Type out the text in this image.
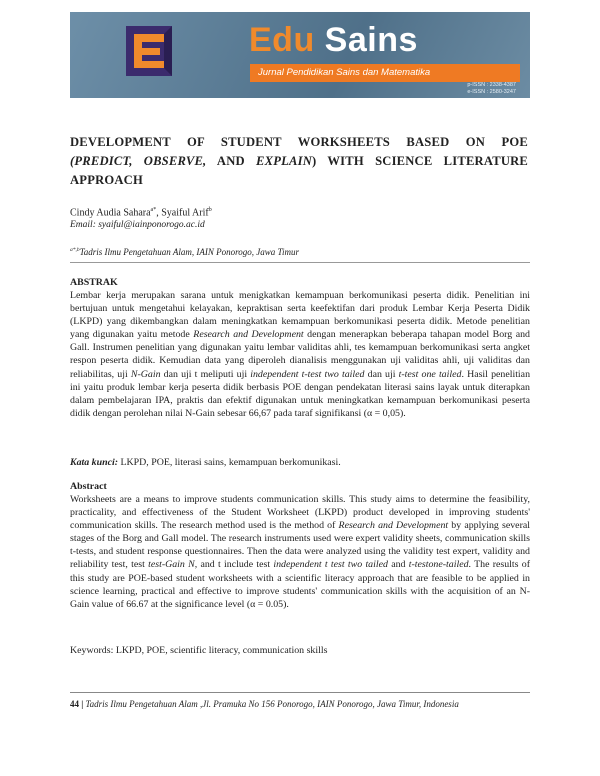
Edu Sains
Jurnal Pendidikan Sains dan Matematika
p-ISSN : 2338-4387
e-ISSN : 2580-3247
DEVELOPMENT OF STUDENT WORKSHEETS BASED ON POE
(PREDICT, OBSERVE, AND EXPLAIN) WITH SCIENCE LITERATURE
APPROACH
Cindy Audia Sahara$^{a*}$, Syaiful Arif$^b$
Email: syaiful@iainponorogo.ac.id
$^{a*,b}$Tadris Ilmu Pengetahuan Alam, IAIN Ponorogo, Jawa Timur
ABSTRAK
Lembar kerja merupakan sarana untuk menigkatkan kemampuan berkomunikasi peserta didik. Penelitian ini bertujuan untuk mengetahui kelayakan, kepraktisan serta keefektifan dari produk Lembar Kerja Peserta Didik (LKPD) yang dikembangkan dalam meningkatkan kemampuan berkomunikasi peserta didik. Metode penelitian yang digunakan yaitu metode Research and Development dengan menerapkan beberapa tahapan model Borg and Gall. Instrumen penelitian yang digunakan yaitu lembar validitas ahli, tes kemampuan berkomunikasi serta angket respon peserta didik. Kemudian data yang diperoleh dianalisis menggunakan uji validitas ahli, uji validitas dan reliabilitas, uji N-Gain dan uji t meliputi uji independent t-test two tailed dan uji t-test one tailed. Hasil penelitian ini yaitu produk lembar kerja peserta didik berbasis POE dengan pendekatan literasi sains layak untuk diterapkan dalam pembelajaran IPA, praktis dan efektif digunakan untuk meningkatkan kemampuan berkomunikasi peserta didik dengan perolehan nilai N-Gain sebesar 66,67 pada taraf signifikansi (α = 0,05).
Kata kunci: LKPD, POE, literasi sains, kemampuan berkomunikasi.
Abstract
Worksheets are a means to improve students communication skills. This study aims to determine the feasibility, practicality, and effectiveness of the Student Worksheet (LKPD) product developed in improving students' communication skills. The research method used is the method of Research and Development by applying several stages of the Borg and Gall model. The research instruments used were expert validity sheets, communication skills t-tests, and student response questionnaires. Then the data were analyzed using the validity test expert, validity and reliability test, test test-Gain N, and t include test independent t test two tailed and t-testone-tailed. The results of this study are POE-based student worksheets with a scientific literacy approach that are feasible to be applied in science learning, practical and effective to improve students' communication skills with the acquisition of an N-Gain value of 66.67 at the significance level (α = 0.05).
Keywords: LKPD, POE, scientific literacy, communication skills
44 | Tadris Ilmu Pengetahuan Alam ,Jl. Pramuka No 156 Ponorogo, IAIN Ponorogo, Jawa Timur, Indonesia
